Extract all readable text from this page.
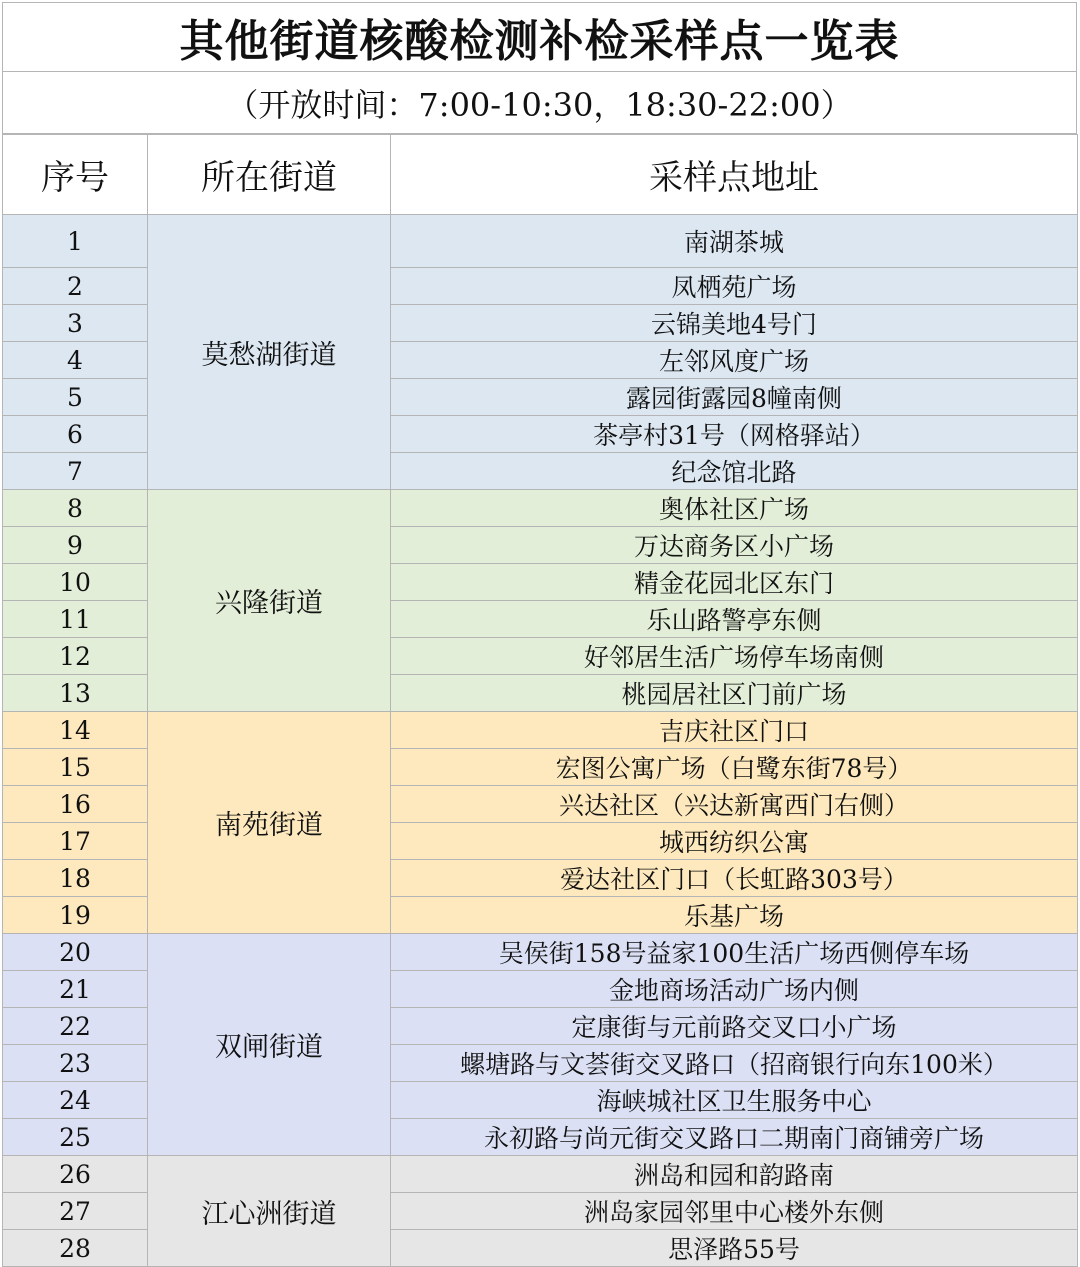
其他街道核酸检测补检采样点一览表
（开放时间：7:00-10:30，18:30-22:00）
序号	所在街道	采样点地址
1	莫愁湖街道	南湖茶城
2		凤栖苑广场
3		云锦美地4号门
4		左邻风度广场
5		露园街露园8幢南侧
6		茶亭村31号（网格驿站）
7		纪念馆北路
8	兴隆街道	奥体社区广场
9		万达商务区小广场
10		精金花园北区东门
11		乐山路警亭东侧
12		好邻居生活广场停车场南侧
13		桃园居社区门前广场
14	南苑街道	吉庆社区门口
15		宏图公寓广场（白鹭东街78号）
16		兴达社区（兴达新寓西门右侧）
17		城西纺织公寓
18		爱达社区门口（长虹路303号）
19		乐基广场
20	双闸街道	吴侯街158号益家100生活广场西侧停车场
21		金地商场活动广场内侧
22		定康街与元前路交叉口小广场
23		螺塘路与文荟街交叉路口（招商银行向东100米）
24		海峡城社区卫生服务中心
25		永初路与尚元街交叉路口二期南门商铺旁广场
26	江心洲街道	洲岛和园和韵路南
27		洲岛家园邻里中心楼外东侧
28		思泽路55号
